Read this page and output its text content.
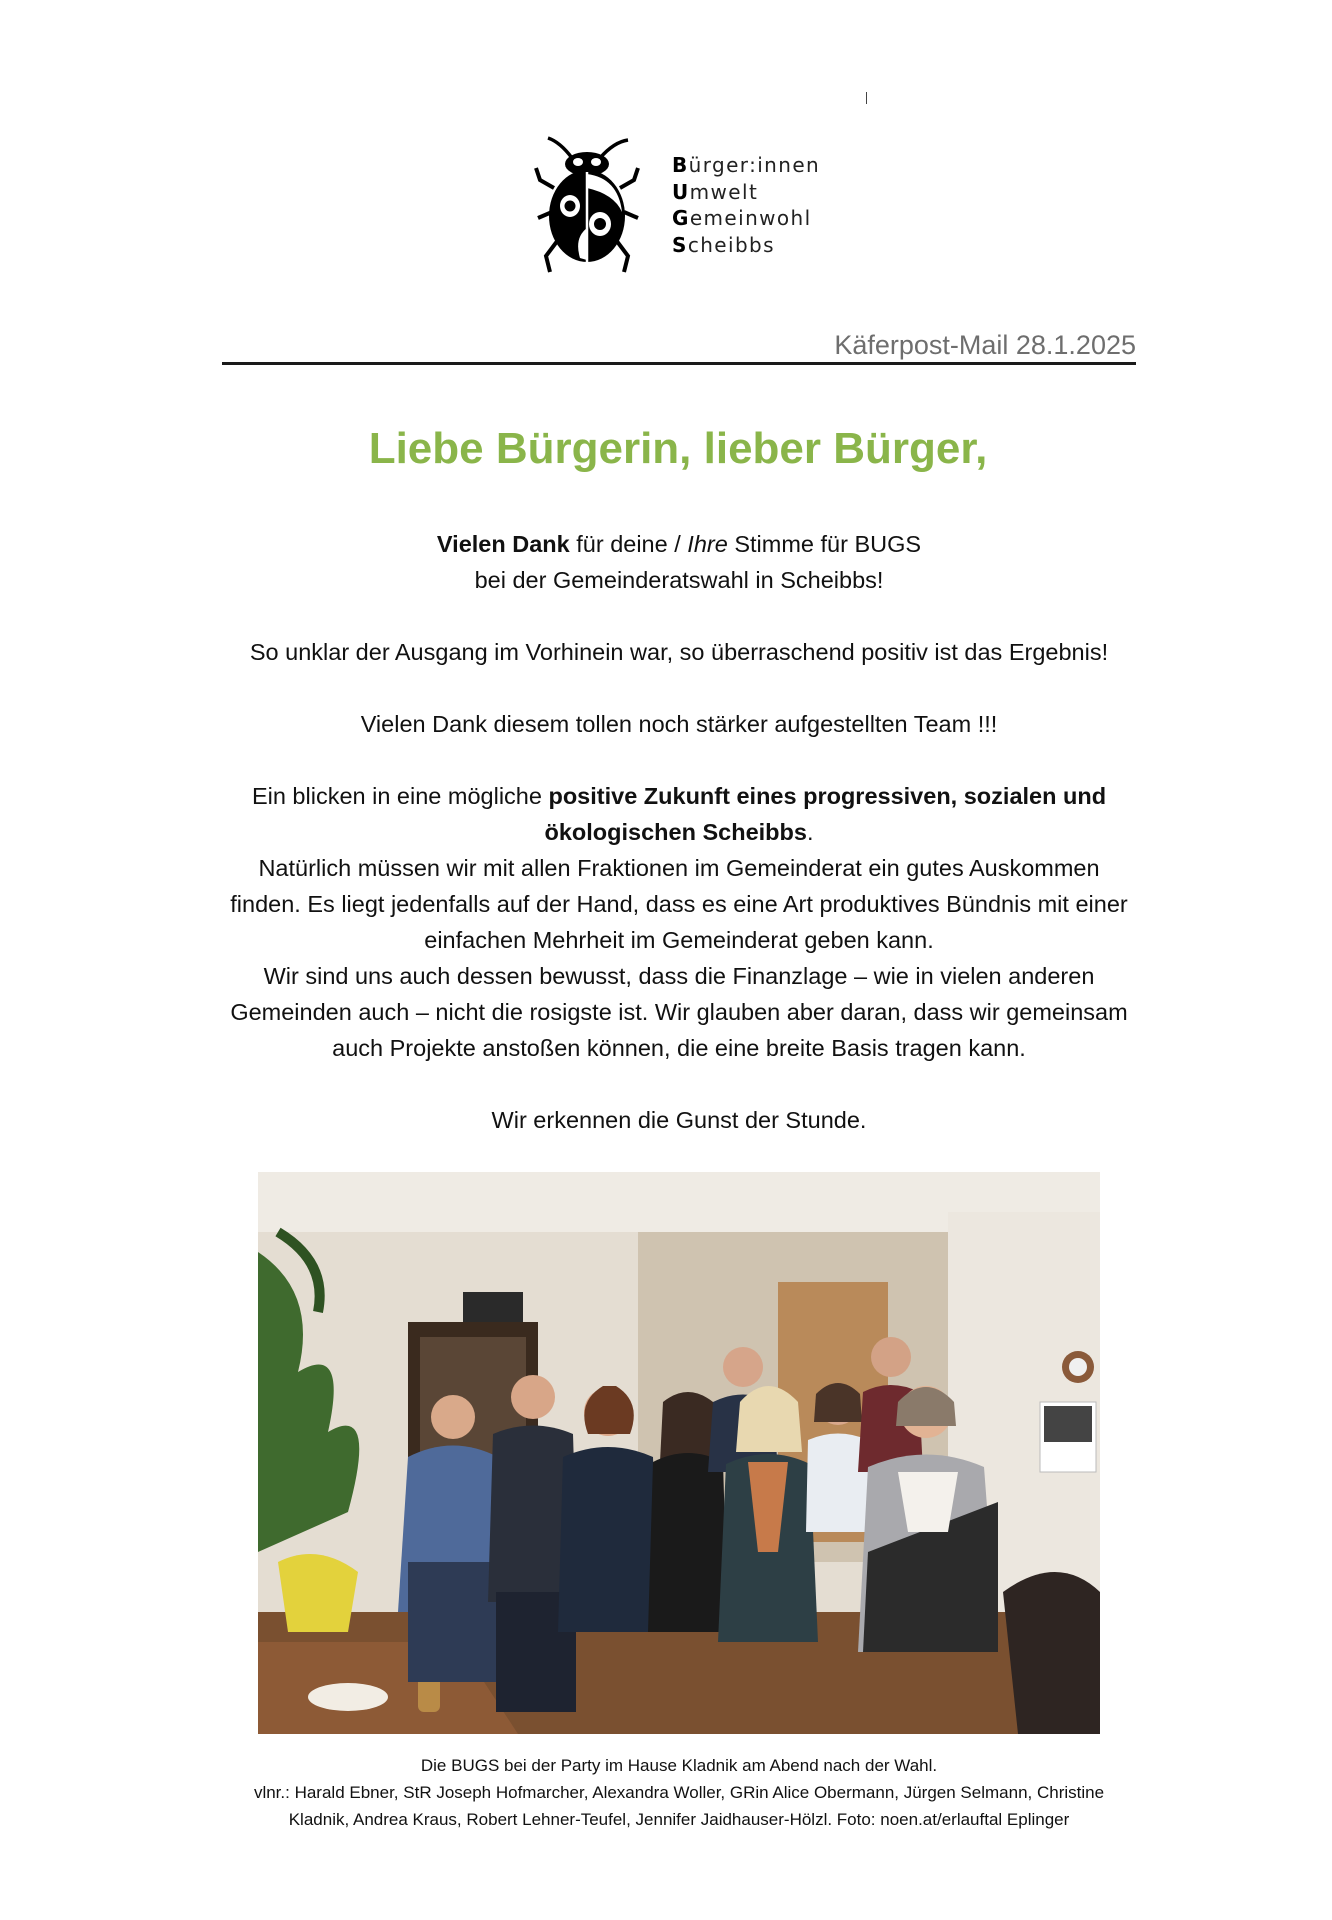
Bürger:innen
Umwelt
Gemeinwohl
Scheibbs
Käferpost-Mail 28.1.2025
Liebe Bürgerin, lieber Bürger,

Vielen Dank für deine / Ihre Stimme für BUGS

bei der Gemeinderatswahl in Scheibbs!

So unklar der Ausgang im Vorhinein war, so überraschend positiv ist das Ergebnis!

Vielen Dank diesem tollen noch stärker aufgestellten Team !!!

Ein blicken in eine mögliche positive Zukunft eines progressiven, sozialen und ökologischen Scheibbs.

Natürlich müssen wir mit allen Fraktionen im Gemeinderat ein gutes Auskommen finden. Es liegt jedenfalls auf der Hand, dass es eine Art produktives Bündnis mit einer einfachen Mehrheit im Gemeinderat geben kann.

Wir sind uns auch dessen bewusst, dass die Finanzlage – wie in vielen anderen Gemeinden auch – nicht die rosigste ist. Wir glauben aber daran, dass wir gemeinsam auch Projekte anstoßen können, die eine breite Basis tragen kann.

Wir erkennen die Gunst der Stunde.

Die BUGS bei der Party im Hause Kladnik am Abend nach der Wahl.

vlnr.: Harald Ebner, StR Joseph Hofmarcher, Alexandra Woller, GRin Alice Obermann, Jürgen Selmann, Christine Kladnik, Andrea Kraus, Robert Lehner-Teufel, Jennifer Jaidhauser-Hölzl. Foto: noen.at/erlauftal Eplinger
